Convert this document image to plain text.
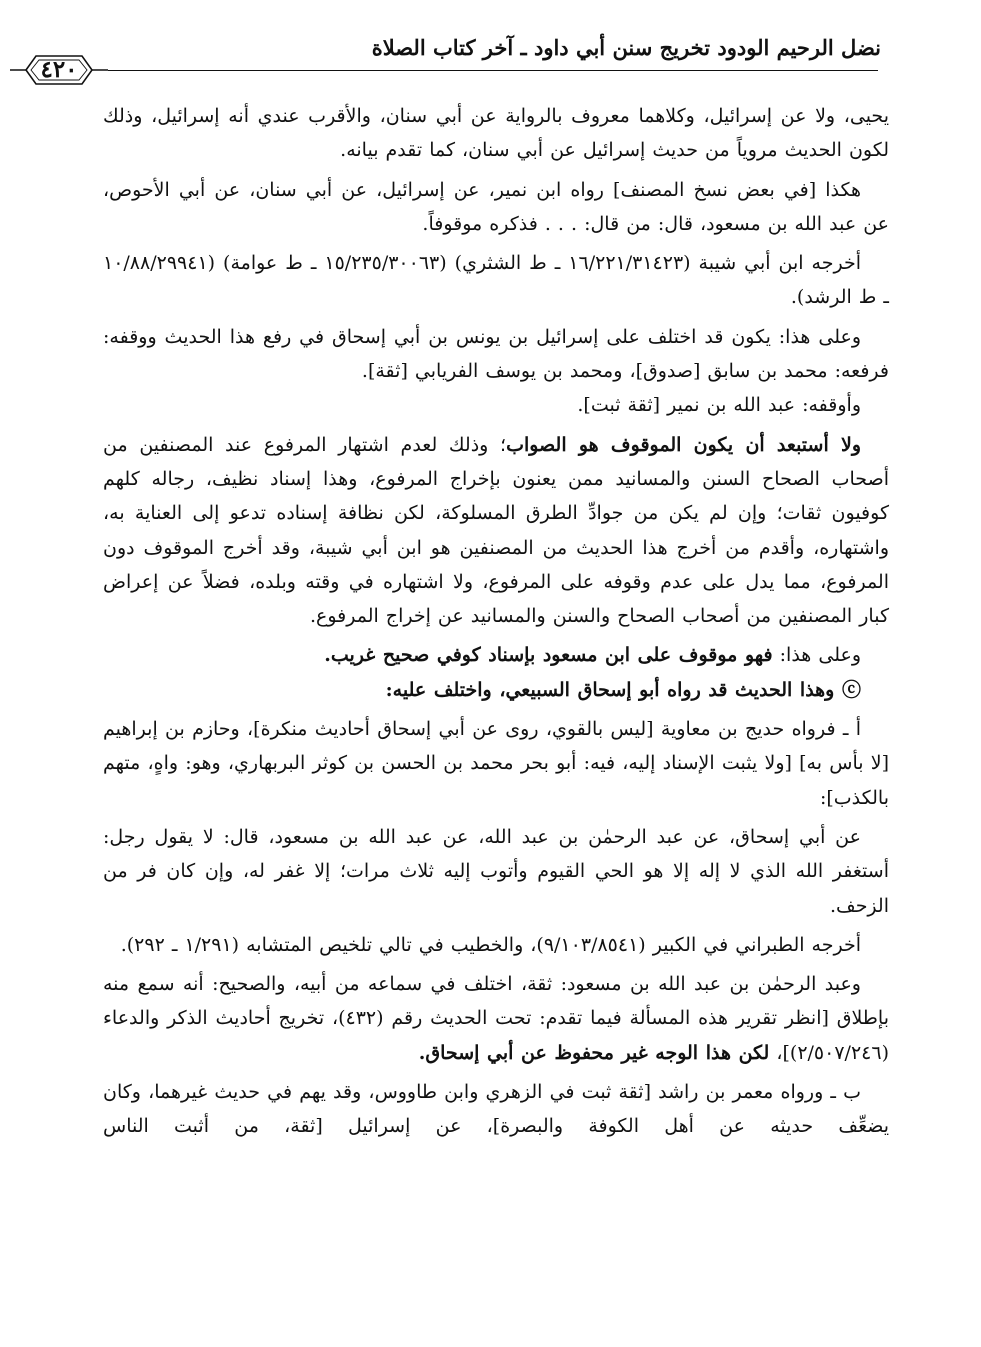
نضل الرحيم الودود تخريج سنن أبي داود ـ آخر كتاب الصلاة
٤٢٠

يحيى، ولا عن إسرائيل، وكلاهما معروف بالرواية عن أبي سنان، والأقرب عندي أنه إسرائيل، وذلك لكون الحديث مروياً من حديث إسرائيل عن أبي سنان، كما تقدم بيانه.

هكذا [في بعض نسخ المصنف] رواه ابن نمير، عن إسرائيل، عن أبي سنان، عن أبي الأحوص، عن عبد الله بن مسعود، قال: من قال: . . . فذكره موقوفاً.

أخرجه ابن أبي شيبة (١٦/٢٢١/٣١٤٢٣ ـ ط الشثري) (١٥/٢٣٥/٣٠٠٦٣ ـ ط عوامة) (١٠/٨٨/٢٩٩٤١ ـ ط الرشد).

وعلى هذا: يكون قد اختلف على إسرائيل بن يونس بن أبي إسحاق في رفع هذا الحديث ووقفه: فرفعه: محمد بن سابق [صدوق]، ومحمد بن يوسف الفريابي [ثقة].

وأوقفه: عبد الله بن نمير [ثقة ثبت].

ولا أستبعد أن يكون الموقوف هو الصواب؛ وذلك لعدم اشتهار المرفوع عند المصنفين من أصحاب الصحاح السنن والمسانيد ممن يعنون بإخراج المرفوع، وهذا إسناد نظيف، رجاله كلهم كوفيون ثقات؛ وإن لم يكن من جوادِّ الطرق المسلوكة، لكن نظافة إسناده تدعو إلى العناية به، واشتهاره، وأقدم من أخرج هذا الحديث من المصنفين هو ابن أبي شيبة، وقد أخرج الموقوف دون المرفوع، مما يدل على عدم وقوفه على المرفوع، ولا اشتهاره في وقته وبلده، فضلاً عن إعراض كبار المصنفين من أصحاب الصحاح والسنن والمسانيد عن إخراج المرفوع.

وعلى هذا: فهو موقوف على ابن مسعود بإسناد كوفي صحيح غريب.

ⓒ وهذا الحديث قد رواه أبو إسحاق السبيعي، واختلف عليه:

أ ـ فرواه حديج بن معاوية [ليس بالقوي، روى عن أبي إسحاق أحاديث منكرة]، وحازم بن إبراهيم [لا بأس به] [ولا يثبت الإسناد إليه، فيه: أبو بحر محمد بن الحسن بن كوثر البربهاري، وهو: واهٍ، متهم بالكذب]:

عن أبي إسحاق، عن عبد الرحمٰن بن عبد الله، عن عبد الله بن مسعود، قال: لا يقول رجل: أستغفر الله الذي لا إله إلا هو الحي القيوم وأتوب إليه ثلاث مرات؛ إلا غفر له، وإن كان فر من الزحف.

أخرجه الطبراني في الكبير (٩/١٠٣/٨٥٤١)، والخطيب في تالي تلخيص المتشابه (١/٢٩١ ـ ٢٩٢).

وعبد الرحمٰن بن عبد الله بن مسعود: ثقة، اختلف في سماعه من أبيه، والصحيح: أنه سمع منه بإطلاق [انظر تقرير هذه المسألة فيما تقدم: تحت الحديث رقم (٤٣٢)، تخريج أحاديث الذكر والدعاء (٢/٥٠٧/٢٤٦)]، لكن هذا الوجه غير محفوظ عن أبي إسحاق.

ب ـ ورواه معمر بن راشد [ثقة ثبت في الزهري وابن طاووس، وقد يهم في حديث غيرهما، وكان يضعِّف حديثه عن أهل الكوفة والبصرة]، عن إسرائيل [ثقة، من أثبت الناس
